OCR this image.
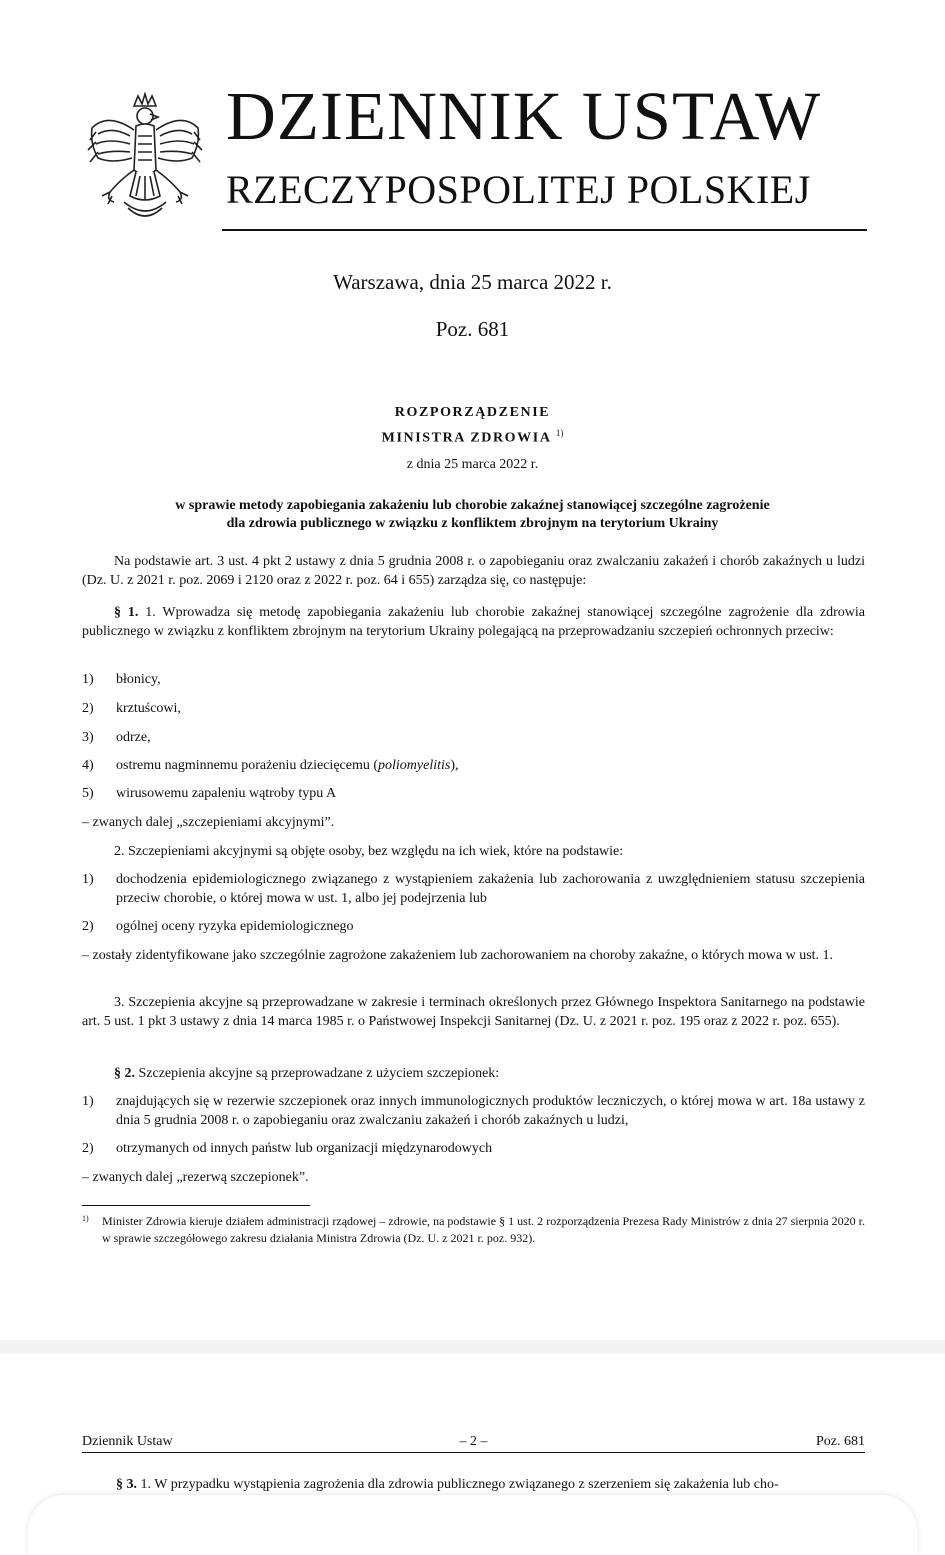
DZIENNIK USTAW
RZECZYPOSPOLITEJ POLSKIEJ
Warszawa, dnia 25 marca 2022 r.
Poz. 681
ROZPORZĄDZENIE
MINISTRA ZDROWIA $^{1)}$
z dnia 25 marca 2022 r.
w sprawie metody zapobiegania zakażeniu lub chorobie zakaźnej stanowiącej szczególne zagrożenie
dla zdrowia publicznego w związku z konfliktem zbrojnym na terytorium Ukrainy
Na podstawie art. 3 ust. 4 pkt 2 ustawy z dnia 5 grudnia 2008 r. o zapobieganiu oraz zwalczaniu zakażeń i chorób zakaźnych u ludzi (Dz. U. z 2021 r. poz. 2069 i 2120 oraz z 2022 r. poz. 64 i 655) zarządza się, co następuje:
§ 1. 1. Wprowadza się metodę zapobiegania zakażeniu lub chorobie zakaźnej stanowiącej szczególne zagrożenie dla zdrowia publicznego w związku z konfliktem zbrojnym na terytorium Ukrainy polegającą na przeprowadzaniu szczepień ochronnych przeciw:
1)	błonicy,
2)	krztuścowi,
3)	odrze,
4)	ostremu nagminnemu porażeniu dziecięcemu (poliomyelitis),
5)	wirusowemu zapaleniu wątroby typu A
– zwanych dalej „szczepieniami akcyjnymi”.
2. Szczepieniami akcyjnymi są objęte osoby, bez względu na ich wiek, które na podstawie:
1)	dochodzenia epidemiologicznego związanego z wystąpieniem zakażenia lub zachorowania z uwzględnieniem statusu szczepienia przeciw chorobie, o której mowa w ust. 1, albo jej podejrzenia lub
2)	ogólnej oceny ryzyka epidemiologicznego
– zostały zidentyfikowane jako szczególnie zagrożone zakażeniem lub zachorowaniem na choroby zakaźne, o których mowa w ust. 1.
3. Szczepienia akcyjne są przeprowadzane w zakresie i terminach określonych przez Głównego Inspektora Sanitarnego na podstawie art. 5 ust. 1 pkt 3 ustawy z dnia 14 marca 1985 r. o Państwowej Inspekcji Sanitarnej (Dz. U. z 2021 r. poz. 195 oraz z 2022 r. poz. 655).
§ 2. Szczepienia akcyjne są przeprowadzane z użyciem szczepionek:
1)	znajdujących się w rezerwie szczepionek oraz innych immunologicznych produktów leczniczych, o której mowa w art. 18a ustawy z dnia 5 grudnia 2008 r. o zapobieganiu oraz zwalczaniu zakażeń i chorób zakaźnych u ludzi,
2)	otrzymanych od innych państw lub organizacji międzynarodowych
– zwanych dalej „rezerwą szczepionek”.
1) Minister Zdrowia kieruje działem administracji rządowej – zdrowie, na podstawie § 1 ust. 2 rozporządzenia Prezesa Rady Ministrów z dnia 27 sierpnia 2020 r. w sprawie szczegółowego zakresu działania Ministra Zdrowia (Dz. U. z 2021 r. poz. 932).
Dziennik Ustaw	– 2 –	Poz. 681
§ 3. 1. W przypadku wystąpienia zagrożenia dla zdrowia publicznego związanego z szerzeniem się zakażenia lub cho-
